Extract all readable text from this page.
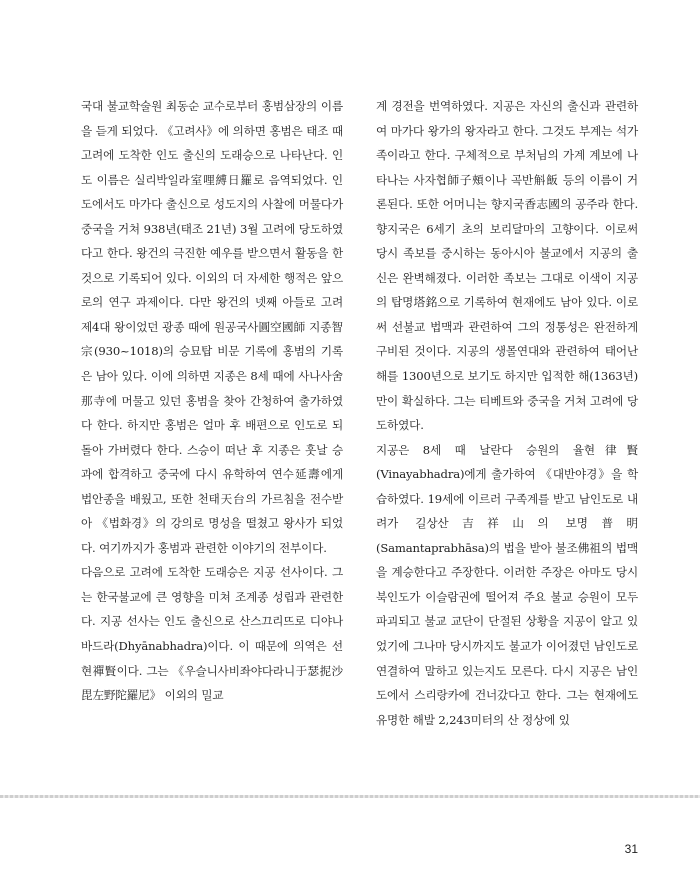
국대 불교학술원 최동순 교수로부터 홍범삼장의 이름을 듣게 되었다. 《고려사》에 의하면 홍범은 태조 때 고려에 도착한 인도 출신의 도래승으로 나타난다. 인도 이름은 실리박일라室哩縛日羅로 음역되었다. 인도에서도 마가다 출신으로 성도지의 사찰에 머물다가 중국을 거쳐 938년(태조 21년) 3월 고려에 당도하였다고 한다. 왕건의 극진한 예우를 받으면서 활동을 한 것으로 기록되어 있다. 이외의 더 자세한 행적은 앞으로의 연구 과제이다. 다만 왕건의 넷째 아들로 고려 제4대 왕이었던 광종 때에 원공국사圓空國師 지종智宗(930~1018)의 승묘탑 비문 기록에 홍범의 기록은 남아 있다. 이에 의하면 지종은 8세 때에 사나사舍那寺에 머물고 있던 홍범을 찾아 간청하여 출가하였다 한다. 하지만 홍범은 얼마 후 배편으로 인도로 되돌아 가버렸다 한다. 스승이 떠난 후 지종은 훗날 승과에 합격하고 중국에 다시 유학하여 연수延壽에게 법안종을 배웠고, 또한 천태天台의 가르침을 전수받아 《법화경》의 강의로 명성을 떨쳤고 왕사가 되었다. 여기까지가 홍범과 관련한 이야기의 전부이다.

다음으로 고려에 도착한 도래승은 지공 선사이다. 그는 한국불교에 큰 영향을 미쳐 조계종 성립과 관련한다. 지공 선사는 인도 출신으로 산스끄리뜨로 디야나바드라(Dhyānabhadra)이다. 이 때문에 의역은 선현禪賢이다. 그는 《우슬니사비좌야다라니于瑟抳沙毘左野陀羅尼》 이외의 밀교

계 경전을 번역하였다. 지공은 자신의 출신과 관련하여 마가다 왕가의 왕자라고 한다. 그것도 부계는 석가족이라고 한다. 구체적으로 부처님의 가계 계보에 나타나는 사자협師子頰이나 곡반斛飯 등의 이름이 거론된다. 또한 어머니는 향지국香志國의 공주라 한다. 향지국은 6세기 초의 보리달마의 고향이다. 이로써 당시 족보를 중시하는 동아시아 불교에서 지공의 출신은 완벽해졌다. 이러한 족보는 그대로 이색이 지공의 탑명塔銘으로 기록하여 현재에도 남아 있다. 이로써 선불교 법맥과 관련하여 그의 정통성은 완전하게 구비된 것이다. 지공의 생몰연대와 관련하여 태어난 해를 1300년으로 보기도 하지만 입적한 해(1363년)만이 확실하다. 그는 티베트와 중국을 거쳐 고려에 당도하였다.

지공은 8세 때 날란다 승원의 율현律賢(Vinayabhadra)에게 출가하여 《대반야경》을 학습하였다. 19세에 이르러 구족계를 받고 남인도로 내려가 길상산吉祥山의 보명普明(Samantaprabhāsa)의 법을 받아 불조佛祖의 법맥을 계승한다고 주장한다. 이러한 주장은 아마도 당시 북인도가 이슬람권에 떨어져 주요 불교 승원이 모두 파괴되고 불교 교단이 단절된 상황을 지공이 알고 있었기에 그나마 당시까지도 불교가 이어졌던 남인도로 연결하여 말하고 있는지도 모른다. 다시 지공은 남인도에서 스리랑카에 건너갔다고 한다. 그는 현재에도 유명한 해발 2,243미터의 산 정상에 있

31
